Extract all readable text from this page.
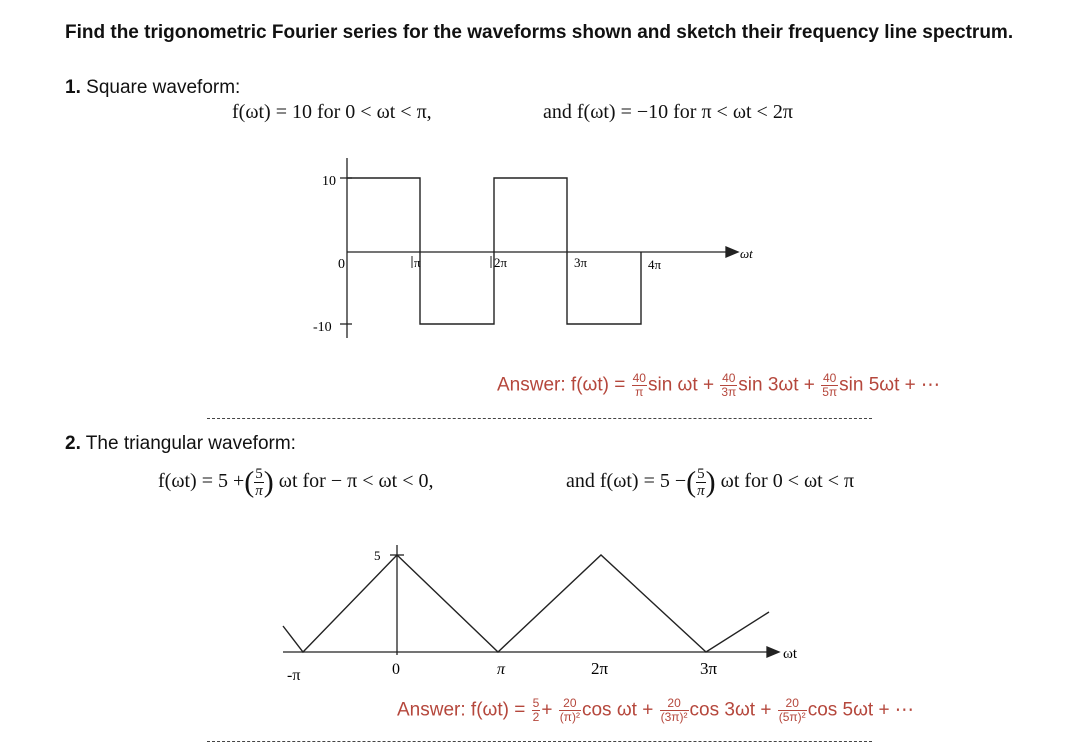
Find the trigonometric Fourier series for the waveforms shown and sketch their frequency line spectrum.
1. Square waveform:
f(ωt) = 10 for 0 < ωt < π,	and f(ωt) = −10 for π < ωt < 2π
10
0
-10
π	2π	3π	4π
ωt
Answer: $f(\omega t) = \frac{40}{\pi}$ $\sin \omega t + \frac{40}{3\pi}$ $\sin 3\omega t + \frac{40}{5\pi}$ sin 5ωt + ⋯
2. The triangular waveform:
f(ωt) = 5 +( $\frac{5}{\pi}$ ) ωt for − π < ωt < 0,	and f(ωt) = 5 −( $\frac{5}{\pi}$ ) ωt for 0 < ωt < π
5
-π	0	π	2π	3π
ωt
Answer: $f(\omega t) = \frac{5}{2} + \frac{20}{\text{(π)²}}$ $\cos \omega t + \frac{20}{\text{(3π)²}}$ $\cos 3\omega t + \frac{20}{\text{(5π)²}}$ cos 5ωt + ⋯
